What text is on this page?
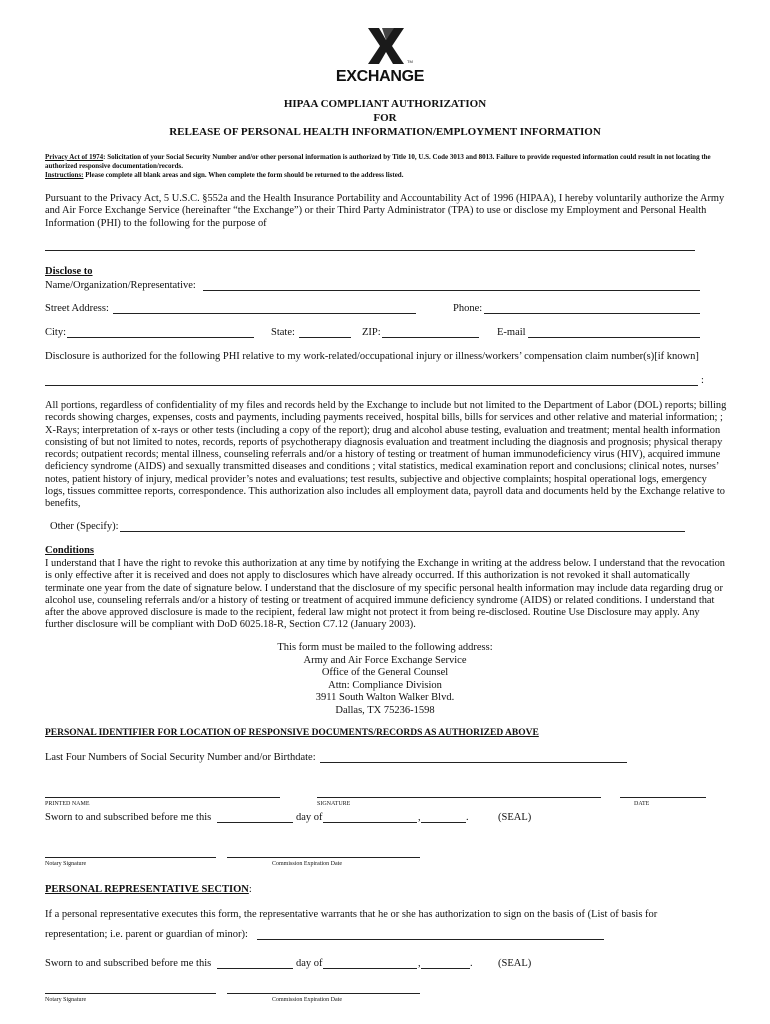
TM
EXCHANGE
HIPAA COMPLIANT AUTHORIZATION
FOR
RELEASE OF PERSONAL HEALTH INFORMATION/EMPLOYMENT INFORMATION
Privacy Act of 1974: Solicitation of your Social Security Number and/or other personal information is authorized by Title 10, U.S. Code 3013 and 8013. Failure to provide requested information could result in not locating the authorized responsive documentation/records.
Instructions: Please complete all blank areas and sign. When complete the form should be returned to the address listed.
Pursuant to the Privacy Act, 5 U.S.C. §552a and the Health Insurance Portability and Accountability Act of 1996 (HIPAA), I hereby voluntarily authorize the Army and Air Force Exchange Service (hereinafter “the Exchange”) or their Third Party Administrator (TPA) to use or disclose my Employment and Personal Health Information (PHI) to the following for the purpose of
Disclose to
Name/Organization/Representative:
Street Address:	Phone:
City:	State:	ZIP:	E-mail
Disclosure is authorized for the following PHI relative to my work-related/occupational injury or illness/workers’ compensation claim number(s)[if known]
:
All portions, regardless of confidentiality of my files and records held by the Exchange to include but not limited to the Department of Labor (DOL) reports; billing records showing charges, expenses, costs and payments, including payments received, hospital bills, bills for services and other relative and material information; ; X-Rays; interpretation of x-rays or other tests (including a copy of the report); drug and alcohol abuse testing, evaluation and treatment; mental health information consisting of but not limited to notes, records, reports of psychotherapy diagnosis evaluation and treatment including the diagnosis and prognosis; physical therapy records; outpatient records; mental illness, counseling referrals and/or a history of testing or treatment of human immunodeficiency virus (HIV), acquired immune deficiency syndrome (AIDS) and sexually transmitted diseases and conditions ; vital statistics, medical examination report and conclusions; clinical notes, nurses’ notes, patient history of injury, medical provider’s notes and evaluations; test results, subjective and objective complaints; hospital operational logs, emergency logs, tissues committee reports, correspondence. This authorization also includes all employment data, payroll data and documents held by the Exchange relative to benefits,
Other (Specify):
Conditions
I understand that I have the right to revoke this authorization at any time by notifying the Exchange in writing at the address below. I understand that the revocation is only effective after it is received and does not apply to disclosures which have already occurred. If this authorization is not revoked it shall automatically terminate one year from the date of signature below. I understand that the disclosure of my specific personal health information may include data regarding drug or alcohol use, counseling referrals and/or a history of testing or treatment of acquired immune deficiency syndrome (AIDS) or related conditions. I understand that after the above approved disclosure is made to the recipient, federal law might not protect it from being re-disclosed. Routine Use Disclosure may apply. Any further disclosure will be compliant with DoD 6025.18-R, Section C7.12 (January 2003).
This form must be mailed to the following address:
Army and Air Force Exchange Service
Office of the General Counsel
Attn: Compliance Division
3911 South Walton Walker Blvd.
Dallas, TX 75236-1598
PERSONAL IDENTIFIER FOR LOCATION OF RESPONSIVE DOCUMENTS/RECORDS AS AUTHORIZED ABOVE
Last Four Numbers of Social Security Number and/or Birthdate:
PRINTED NAME	SIGNATURE	DATE
Sworn to and subscribed before me this	day of	,	.	(SEAL)
Notary Signature	Commission Expiration Date
PERSONAL REPRESENTATIVE SECTION:
If a personal representative executes this form, the representative warrants that he or she has authorization to sign on the basis of (List of basis for
representation; i.e. parent or guardian of minor):
Sworn to and subscribed before me this	day of	,	. (SEAL)
Notary Signature	Commission Expiration Date
